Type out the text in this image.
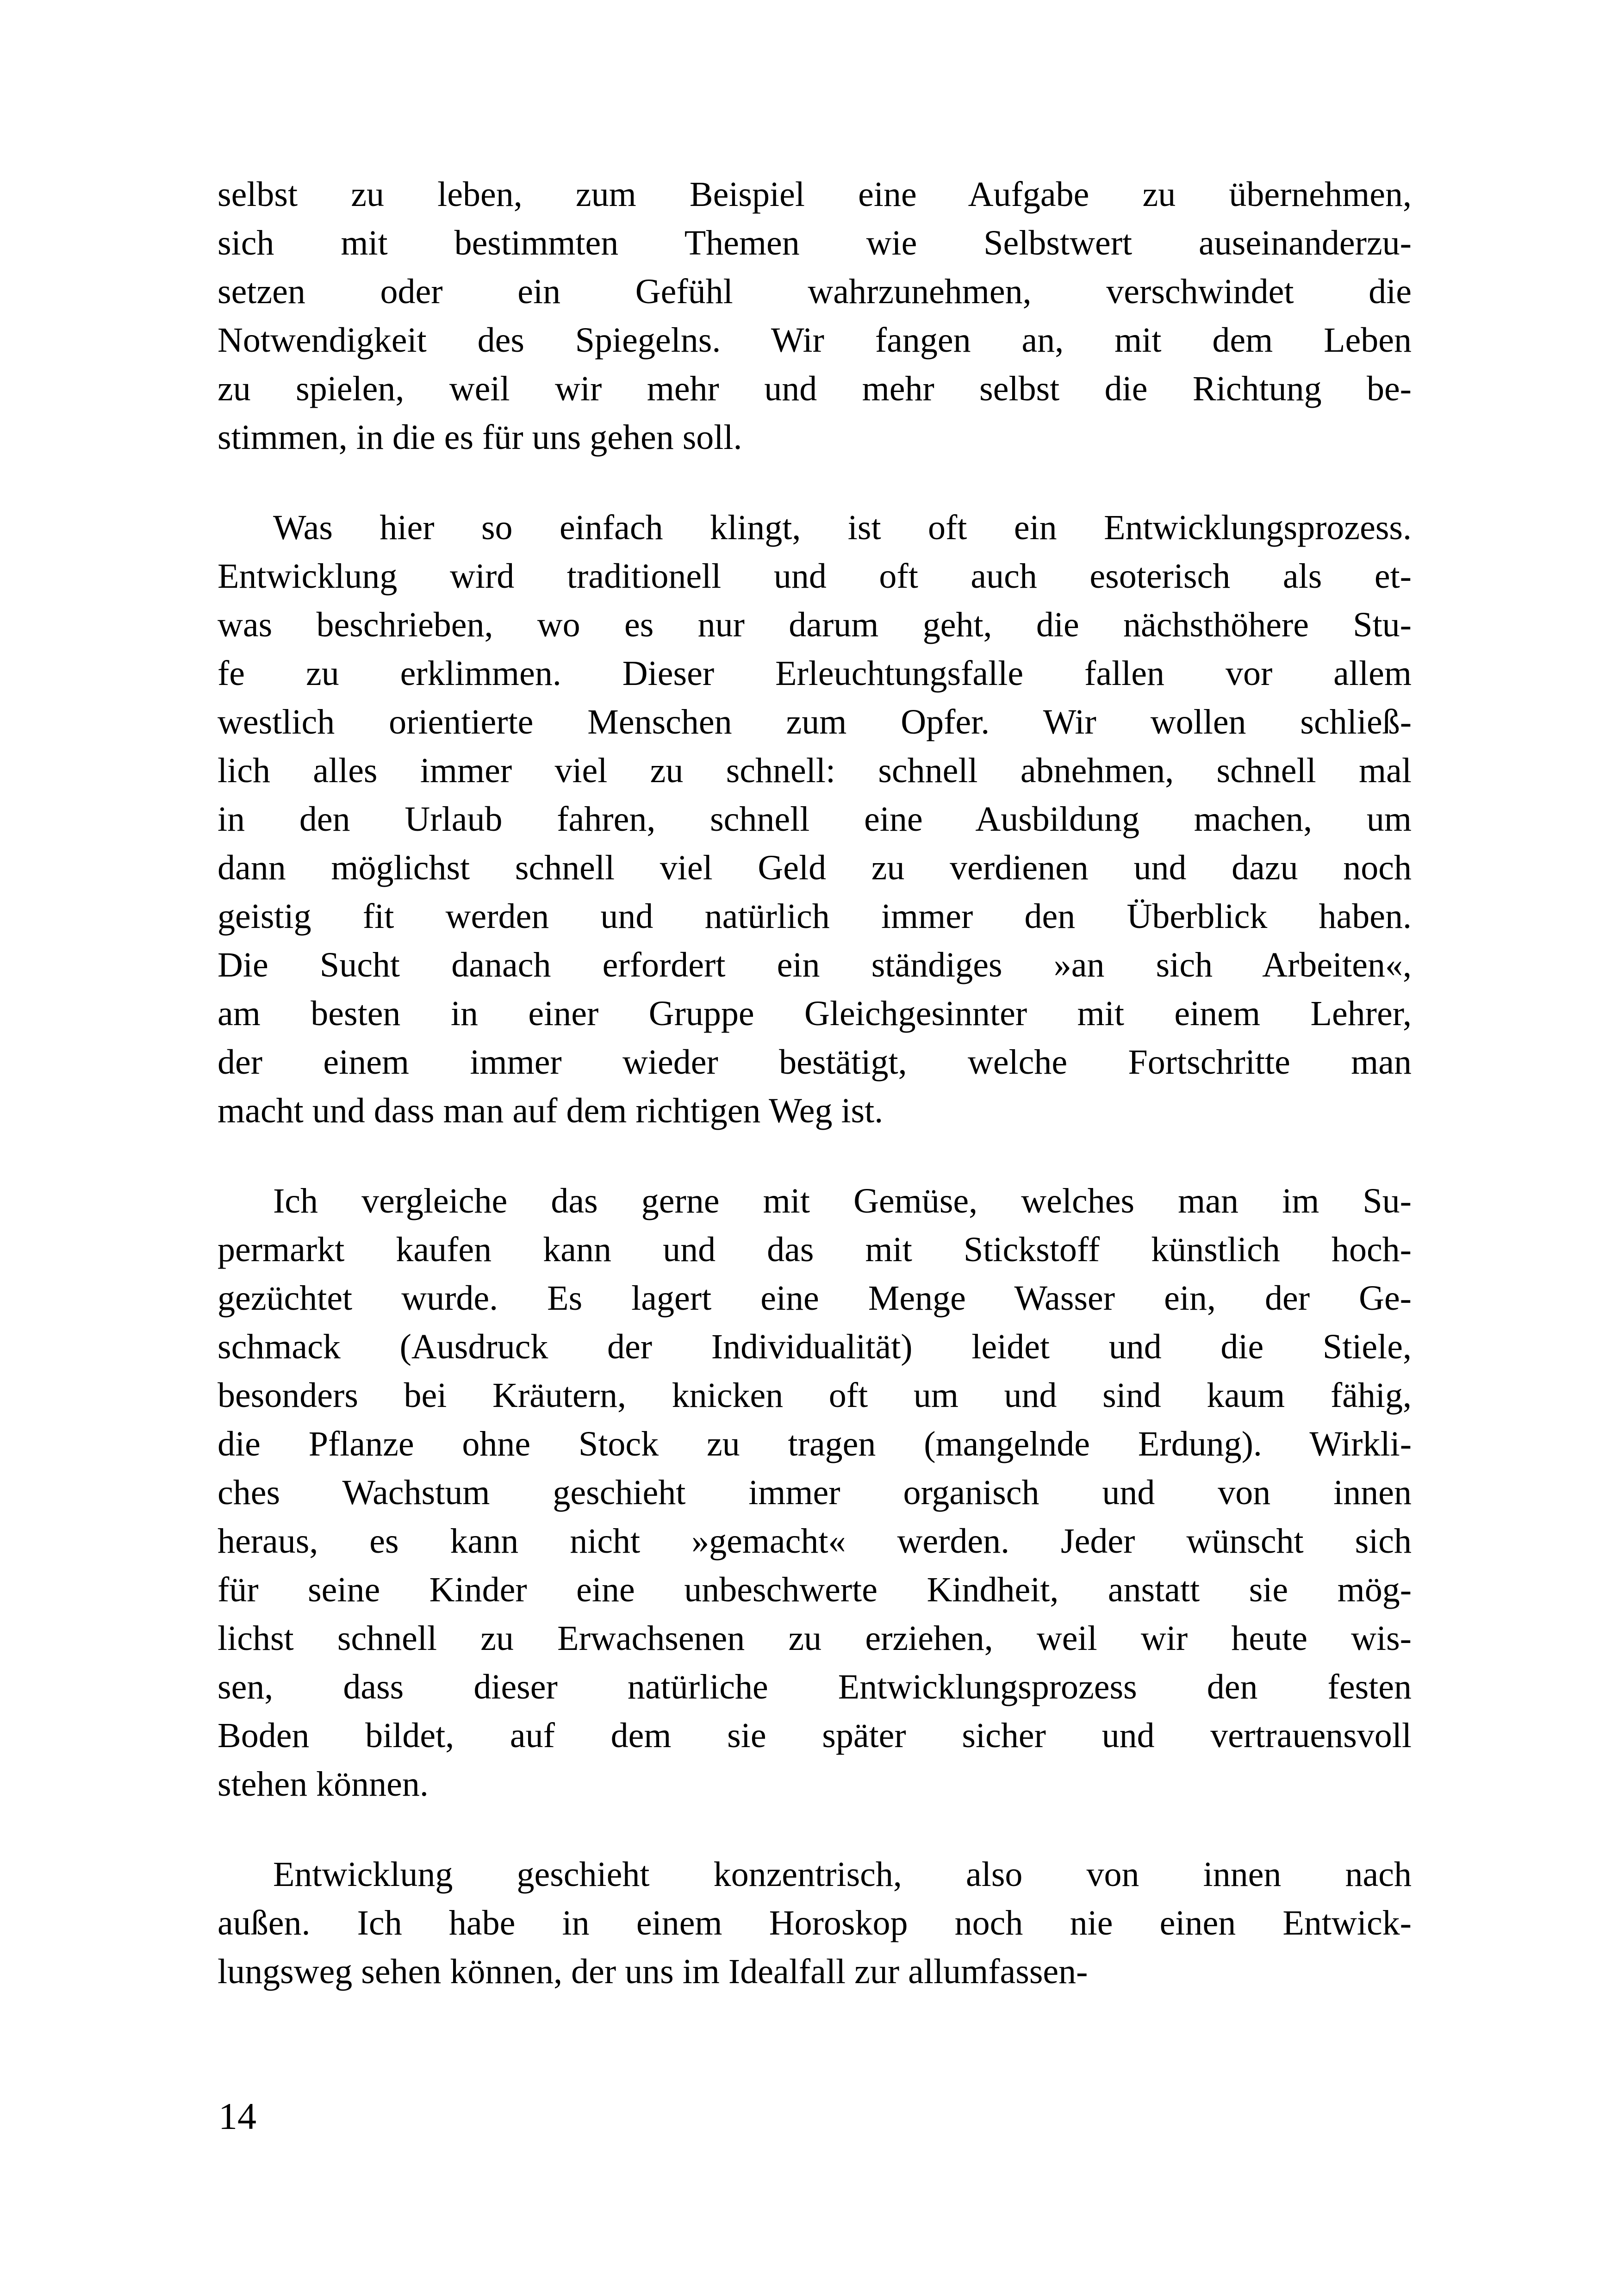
selbst zu leben, zum Beispiel eine Aufgabe zu übernehmen,
sich mit bestimmten Themen wie Selbstwert auseinanderzu-
setzen oder ein Gefühl wahrzunehmen, verschwindet die
Notwendigkeit des Spiegelns. Wir fangen an, mit dem Leben
zu spielen, weil wir mehr und mehr selbst die Richtung be-
stimmen, in die es für uns gehen soll.
Was hier so einfach klingt, ist oft ein Entwicklungsprozess.
Entwicklung wird traditionell und oft auch esoterisch als et-
was beschrieben, wo es nur darum geht, die nächsthöhere Stu-
fe zu erklimmen. Dieser Erleuchtungsfalle fallen vor allem
westlich orientierte Menschen zum Opfer. Wir wollen schließ-
lich alles immer viel zu schnell: schnell abnehmen, schnell mal
in den Urlaub fahren, schnell eine Ausbildung machen, um
dann möglichst schnell viel Geld zu verdienen und dazu noch
geistig fit werden und natürlich immer den Überblick haben.
Die Sucht danach erfordert ein ständiges »an sich Arbeiten«,
am besten in einer Gruppe Gleichgesinnter mit einem Lehrer,
der einem immer wieder bestätigt, welche Fortschritte man
macht und dass man auf dem richtigen Weg ist.
Ich vergleiche das gerne mit Gemüse, welches man im Su-
permarkt kaufen kann und das mit Stickstoff künstlich hoch-
gezüchtet wurde. Es lagert eine Menge Wasser ein, der Ge-
schmack (Ausdruck der Individualität) leidet und die Stiele,
besonders bei Kräutern, knicken oft um und sind kaum fähig,
die Pflanze ohne Stock zu tragen (mangelnde Erdung). Wirkli-
ches Wachstum geschieht immer organisch und von innen
heraus, es kann nicht »gemacht« werden. Jeder wünscht sich
für seine Kinder eine unbeschwerte Kindheit, anstatt sie mög-
lichst schnell zu Erwachsenen zu erziehen, weil wir heute wis-
sen, dass dieser natürliche Entwicklungsprozess den festen
Boden bildet, auf dem sie später sicher und vertrauensvoll
stehen können.
Entwicklung geschieht konzentrisch, also von innen nach
außen. Ich habe in einem Horoskop noch nie einen Entwick-
lungsweg sehen können, der uns im Idealfall zur allumfassen-
14
